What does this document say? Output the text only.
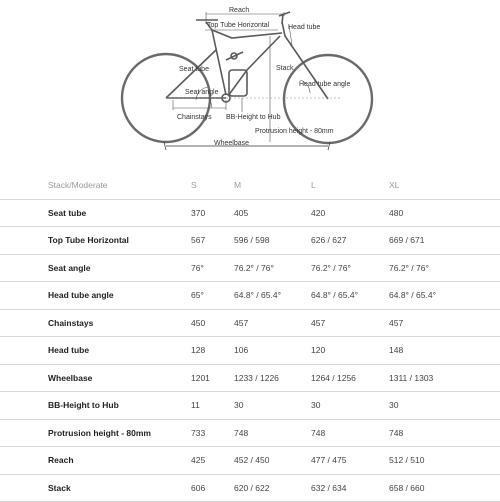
Reach
Top Tube Horizontal	Head tube
Seat tube	Stack
Head tube angle
Seat angle
Chainstays BB-Height to Hub
Protrusion height - 80mm
Wheelbase
Stack/Moderate	S	M	L	XL
Seat tube	370	405	420	480
Top Tube Horizontal	567	596 / 598	626 / 627	669 / 671
Seat angle	76°	76.2° / 76°	76.2° / 76°	76.2° / 76°
Head tube angle	65°	64.8° / 65.4°	64.8° / 65.4°	64.8° / 65.4°
Chainstays	450	457	457	457
Head tube	128	106	120	148
Wheelbase	1201	1233 / 1226	1264 / 1256	1311 / 1303
BB-Height to Hub	11	30	30	30
Protrusion height - 80mm	733	748	748	748
Reach	425	452 / 450	477 / 475	512 / 510
Stack	606	620 / 622	632 / 634	658 / 660
